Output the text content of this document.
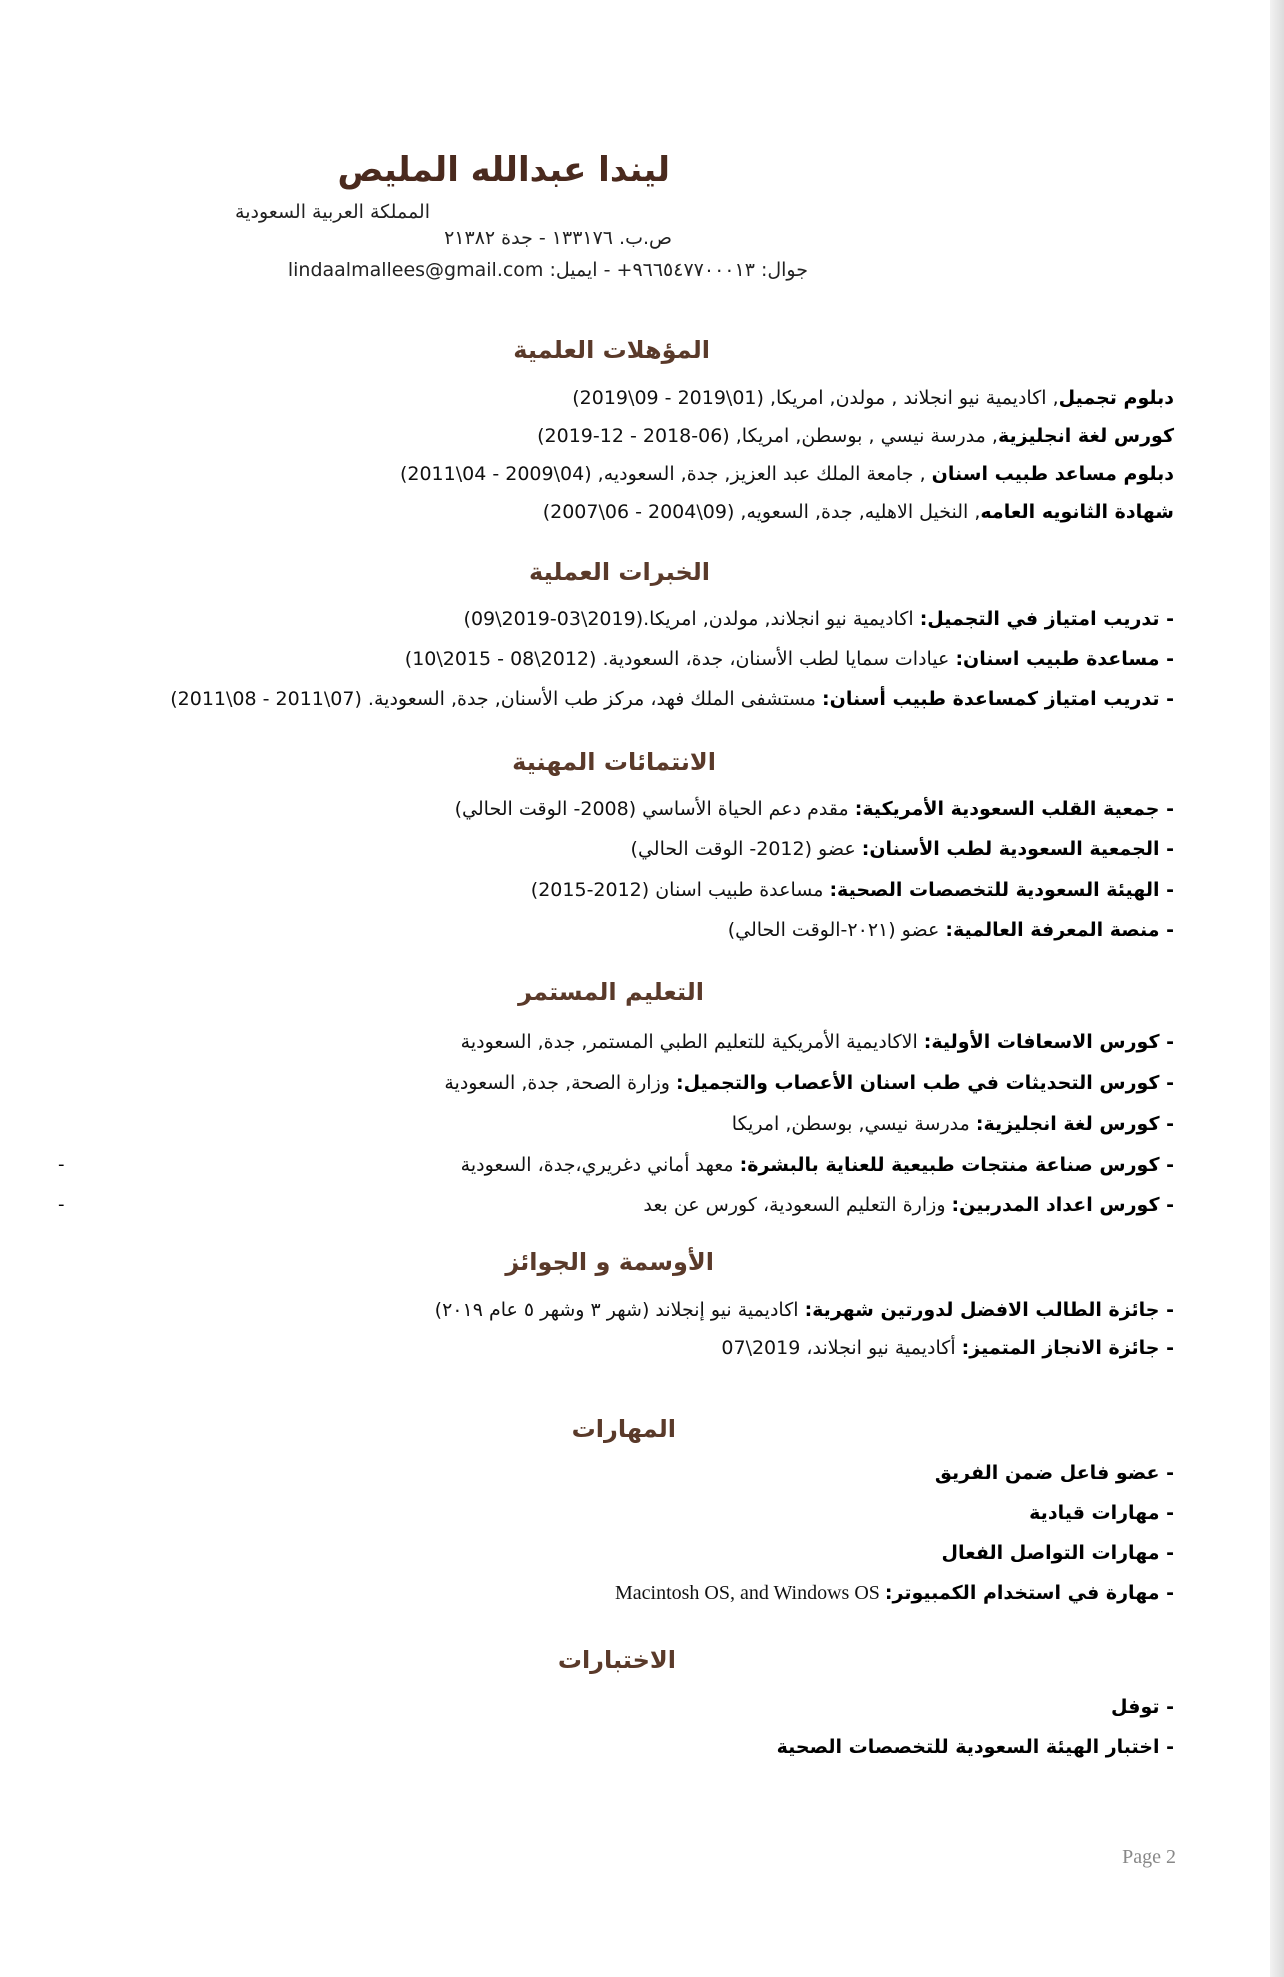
ليندا عبدالله المليص
المملكة العربية السعودية
ص.ب. ١٣٣١٧٦ - جدة ٢١٣٨٢
جوال: ٩٦٦٥٤٧٧٠٠٠١٣+ - ايميل: lindaalmallees@gmail.com
المؤهلات العلمية
دبلوم تجميل, اكاديمية نيو انجلاند , مولدن, امريكا, (01\2019 - 09\2019)
كورس لغة انجليزية, مدرسة نيسي , بوسطن, امريكا, (06-2018 - 12-2019)
دبلوم مساعد طبيب اسنان , جامعة الملك عبد العزيز, جدة, السعوديه, (04\2009 - 04\2011)
شهادة الثانويه العامه, النخيل الاهليه, جدة, السعويه, (09\2004 - 06\2007)
الخبرات العملية
- تدريب امتياز في التجميل: اكاديمية نيو انجلاند, مولدن, امريكا.(2019\03-2019\09)
- مساعدة طبيب اسنان: عيادات سمايا لطب الأسنان، جدة، السعودية. (2012\08 - 2015\10)
- تدريب امتياز كمساعدة طبيب أسنان: مستشفى الملك فهد، مركز طب الأسنان, جدة, السعودية. (07\2011 - 08\2011)
الانتمائات المهنية
- جمعية القلب السعودية الأمريكية: مقدم دعم الحياة الأساسي (2008- الوقت الحالي)
- الجمعية السعودية لطب الأسنان: عضو (2012- الوقت الحالي)
- الهيئة السعودية للتخصصات الصحية: مساعدة طبيب اسنان (2012-2015)
- منصة المعرفة العالمية: عضو (٢٠٢١-الوقت الحالي)
التعليم المستمر
- كورس الاسعافات الأولية: الاكاديمية الأمريكية للتعليم الطبي المستمر, جدة, السعودية
- كورس التحديثات في طب اسنان الأعصاب والتجميل: وزارة الصحة, جدة, السعودية
- كورس لغة انجليزية: مدرسة نيسي, بوسطن, امريكا
- كورس صناعة منتجات طبيعية للعناية بالبشرة: معهد أماني دغريري،جدة، السعودية
- كورس اعداد المدربين: وزارة التعليم السعودية، كورس عن بعد
-
-
الأوسمة و الجوائز
- جائزة الطالب الافضل لدورتين شهرية: اكاديمية نيو إنجلاند (شهر ٣ وشهر ٥ عام ٢٠١٩)
- جائزة الانجاز المتميز: أكاديمية نيو انجلاند، 2019\07
المهارات
- عضو فاعل ضمن الفريق
- مهارات قيادية
- مهارات التواصل الفعال
- مهارة في استخدام الكمبيوتر: Macintosh OS, and Windows OS
الاختبارات
- توفل
- اختبار الهيئة السعودية للتخصصات الصحية
Page 2
